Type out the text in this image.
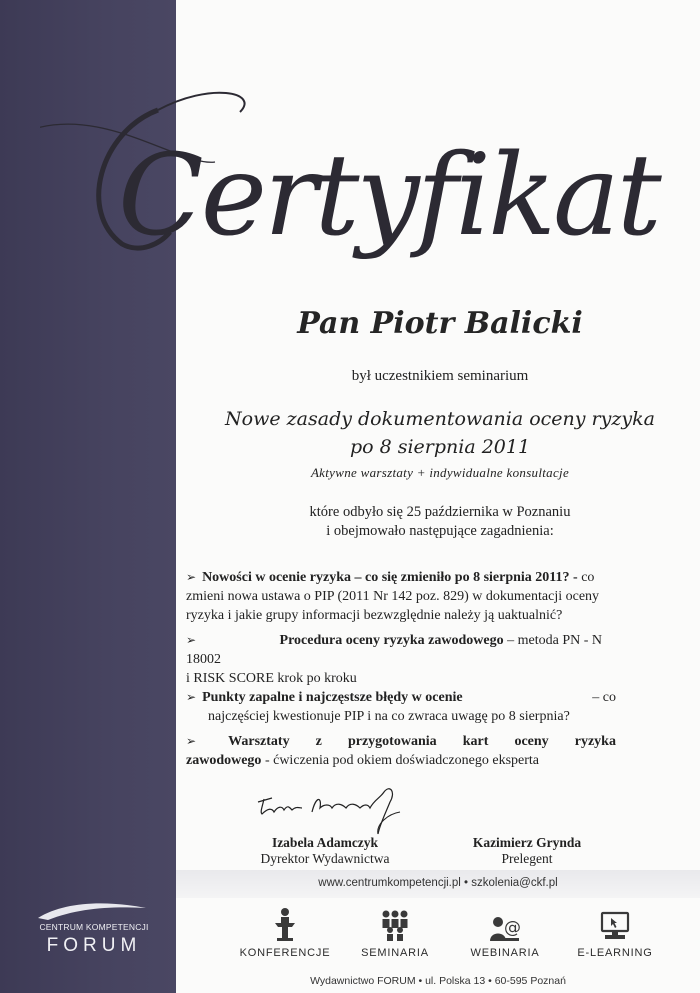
Certyfikat
Pan Piotr Balicki
był uczestnikiem seminarium
Nowe zasady dokumentowania oceny ryzyka
po 8 sierpnia 2011
Aktywne warsztaty + indywidualne konsultacje
które odbyło się 25 października w Poznaniu
i obejmowało następujące zagadnienia:

➢ Nowości w ocenie ryzyka – co się zmieniło po 8 sierpnia 2011? - co zmieni nowa ustawa o PIP (2011 Nr 142 poz. 829) w dokumentacji oceny ryzyka i jakie grupy informacji bezwzględnie należy ją uaktualnić?

➢	Procedura oceny ryzyka zawodowego – metoda PN - N
18002
i RISK SCORE krok po kroku
➢ Punkty zapalne i najczęstsze błędy w ocenie	– co
najczęściej kwestionuje PIP i na co zwraca uwagę po 8 sierpnia?
➢ Warsztaty z przygotowania kart oceny ryzyka
zawodowego - ćwiczenia pod okiem doświadczonego eksperta
Izabela Adamczyk
Dyrektor Wydawnictwa
Kazimierz Grynda
Prelegent
www.centrumkompetencji.pl • szkolenia@ckf.pl
KONFERENCJE	SEMINARIA
@
WEBINARIA	E-LEARNING
Wydawnictwo FORUM • ul. Polska 13 • 60-595 Poznań
CENTRUM KOMPETENCJI
FORUM
